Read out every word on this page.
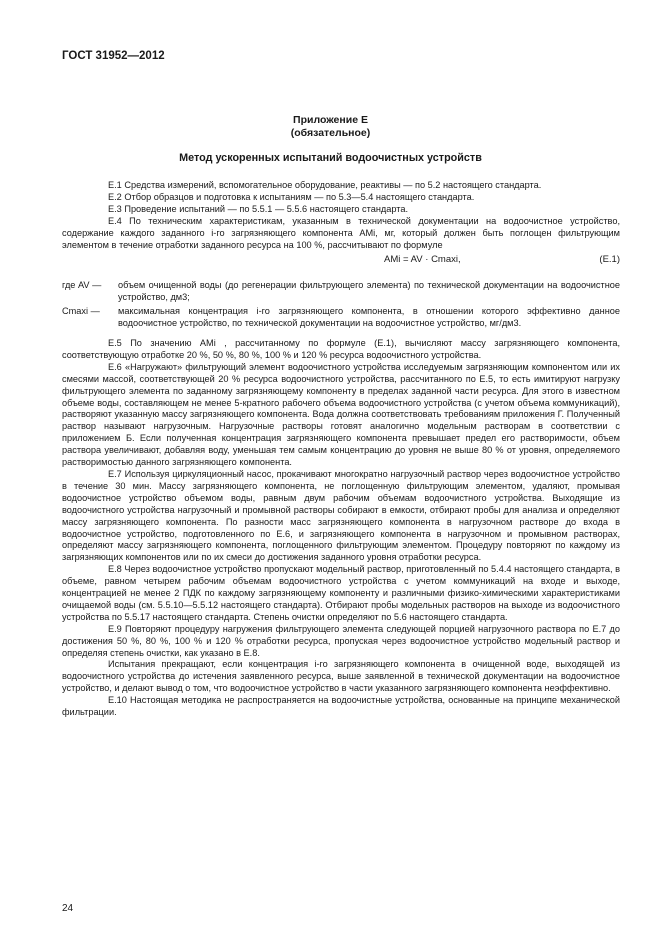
ГОСТ 31952—2012
Приложение Е
(обязательное)
Метод ускоренных испытаний водоочистных устройств

Е.1 Средства измерений, вспомогательное оборудование, реактивы — по 5.2 настоящего стандарта.

Е.2 Отбор образцов и подготовка к испытаниям — по 5.3—5.4 настоящего стандарта.

Е.3 Проведение испытаний — по 5.5.1 — 5.5.6 настоящего стандарта.

Е.4 По техническим характеристикам, указанным в технической документации на водоочистное устройство, содержание каждого заданного i-го загрязняющего компонента AMi, мг, который должен быть поглощен фильтрующим элементом в течение отработки заданного ресурса на 100 %, рассчитывают по формуле

AMi = AV · Cmaxi,	(Е.1)
где AV — объем очищенной воды (до регенерации фильтрующего элемента) по технической документации на водоочистное устройство, дм3;
Cmaxi — максимальная концентрация i-го загрязняющего компонента, в отношении которого эффективно данное водоочистное устройство, по технической документации на водоочистное устройство, мг/дм3.

Е.5 По значению AMi , рассчитанному по формуле (Е.1), вычисляют массу загрязняющего компонента, соответствующую отработке 20 %, 50 %, 80 %, 100 % и 120 % ресурса водоочистного устройства.

Е.6 «Нагружают» фильтрующий элемент водоочистного устройства исследуемым загрязняющим компонентом или их смесями массой, соответствующей 20 % ресурса водоочистного устройства, рассчитанного по Е.5, то есть имитируют нагрузку фильтрующего элемента по заданному загрязняющему компоненту в пределах заданной части ресурса. Для этого в известном объеме воды, составляющем не менее 5-кратного рабочего объема водоочистного устройства (с учетом объема коммуникаций), растворяют указанную массу загрязняющего компонента. Вода должна соответствовать требованиям приложения Г. Полученный раствор называют нагрузочным. Нагрузочные растворы готовят аналогично модельным растворам в соответствии с приложением Б. Если полученная концентрация загрязняющего компонента превышает предел его растворимости, объем раствора увеличивают, добавляя воду, уменьшая тем самым концентрацию до уровня не выше 80 % от уровня, определяемого растворимостью данного загрязняющего компонента.

Е.7 Используя циркуляционный насос, прокачивают многократно нагрузочный раствор через водоочистное устройство в течение 30 мин. Массу загрязняющего компонента, не поглощенную фильтрующим элементом, удаляют, промывая водоочистное устройство объемом воды, равным двум рабочим объемам водоочистного устройства. Выходящие из водоочистного устройства нагрузочный и промывной растворы собирают в емкости, отбирают пробы для анализа и определяют массу загрязняющего компонента. По разности масс загрязняющего компонента в нагрузочном растворе до входа в водоочистное устройство, подготовленного по Е.6, и загрязняющего компонента в нагрузочном и промывном растворах, определяют массу загрязняющего компонента, поглощенного фильтрующим элементом. Процедуру повторяют по каждому из загрязняющих компонентов или по их смеси до достижения заданного уровня отработки ресурса.

Е.8 Через водоочистное устройство пропускают модельный раствор, приготовленный по 5.4.4 настоящего стандарта, в объеме, равном четырем рабочим объемам водоочистного устройства с учетом коммуникаций на входе и выходе, концентрацией не менее 2 ПДК по каждому загрязняющему компоненту и различными физико-химическими характеристиками очищаемой воды (см. 5.5.10—5.5.12 настоящего стандарта). Отбирают пробы модельных растворов на выходе из водоочистного устройства по 5.5.17 настоящего стандарта. Степень очистки определяют по 5.6 настоящего стандарта.

Е.9 Повторяют процедуру нагружения фильтрующего элемента следующей порцией нагрузочного раствора по Е.7 до достижения 50 %, 80 %, 100 % и 120 % отработки ресурса, пропуская через водоочистное устройство модельный раствор и определяя степень очистки, как указано в Е.8.

Испытания прекращают, если концентрация i-го загрязняющего компонента в очищенной воде, выходящей из водоочистного устройства до истечения заявленного ресурса, выше заявленной в технической документации на водоочистное устройство, и делают вывод о том, что водоочистное устройство в части указанного загрязняющего компонента неэффективно.

Е.10 Настоящая методика не распространяется на водоочистные устройства, основанные на принципе механической фильтрации.

24
